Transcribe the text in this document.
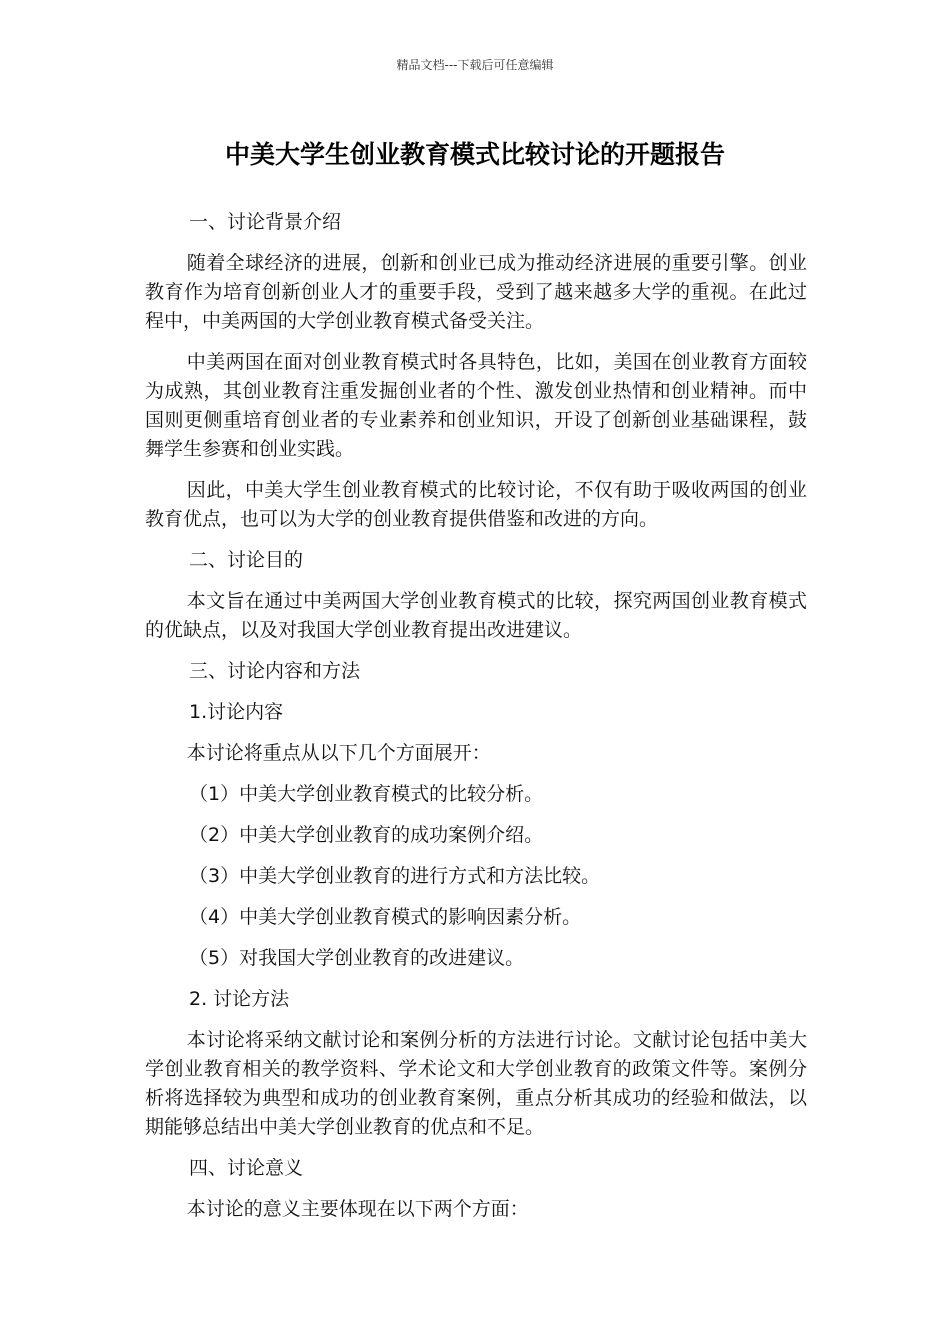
精品文档---下载后可任意编辑
中美大学生创业教育模式比较讨论的开题报告
一、讨论背景介绍
随着全球经济的进展，创新和创业已成为推动经济进展的重要引擎。创业教育作为培育创新创业人才的重要手段，受到了越来越多大学的重视。在此过程中，中美两国的大学创业教育模式备受关注。
中美两国在面对创业教育模式时各具特色，比如，美国在创业教育方面较为成熟，其创业教育注重发掘创业者的个性、激发创业热情和创业精神。而中国则更侧重培育创业者的专业素养和创业知识，开设了创新创业基础课程，鼓舞学生参赛和创业实践。
因此，中美大学生创业教育模式的比较讨论，不仅有助于吸收两国的创业教育优点，也可以为大学的创业教育提供借鉴和改进的方向。
二、讨论目的
本文旨在通过中美两国大学创业教育模式的比较，探究两国创业教育模式的优缺点，以及对我国大学创业教育提出改进建议。
三、讨论内容和方法
1.讨论内容
本讨论将重点从以下几个方面展开：
（1）中美大学创业教育模式的比较分析。
（2）中美大学创业教育的成功案例介绍。
（3）中美大学创业教育的进行方式和方法比较。
（4）中美大学创业教育模式的影响因素分析。
（5）对我国大学创业教育的改进建议。
2. 讨论方法
本讨论将采纳文献讨论和案例分析的方法进行讨论。文献讨论包括中美大学创业教育相关的教学资料、学术论文和大学创业教育的政策文件等。案例分析将选择较为典型和成功的创业教育案例，重点分析其成功的经验和做法，以期能够总结出中美大学创业教育的优点和不足。
四、讨论意义
本讨论的意义主要体现在以下两个方面：
